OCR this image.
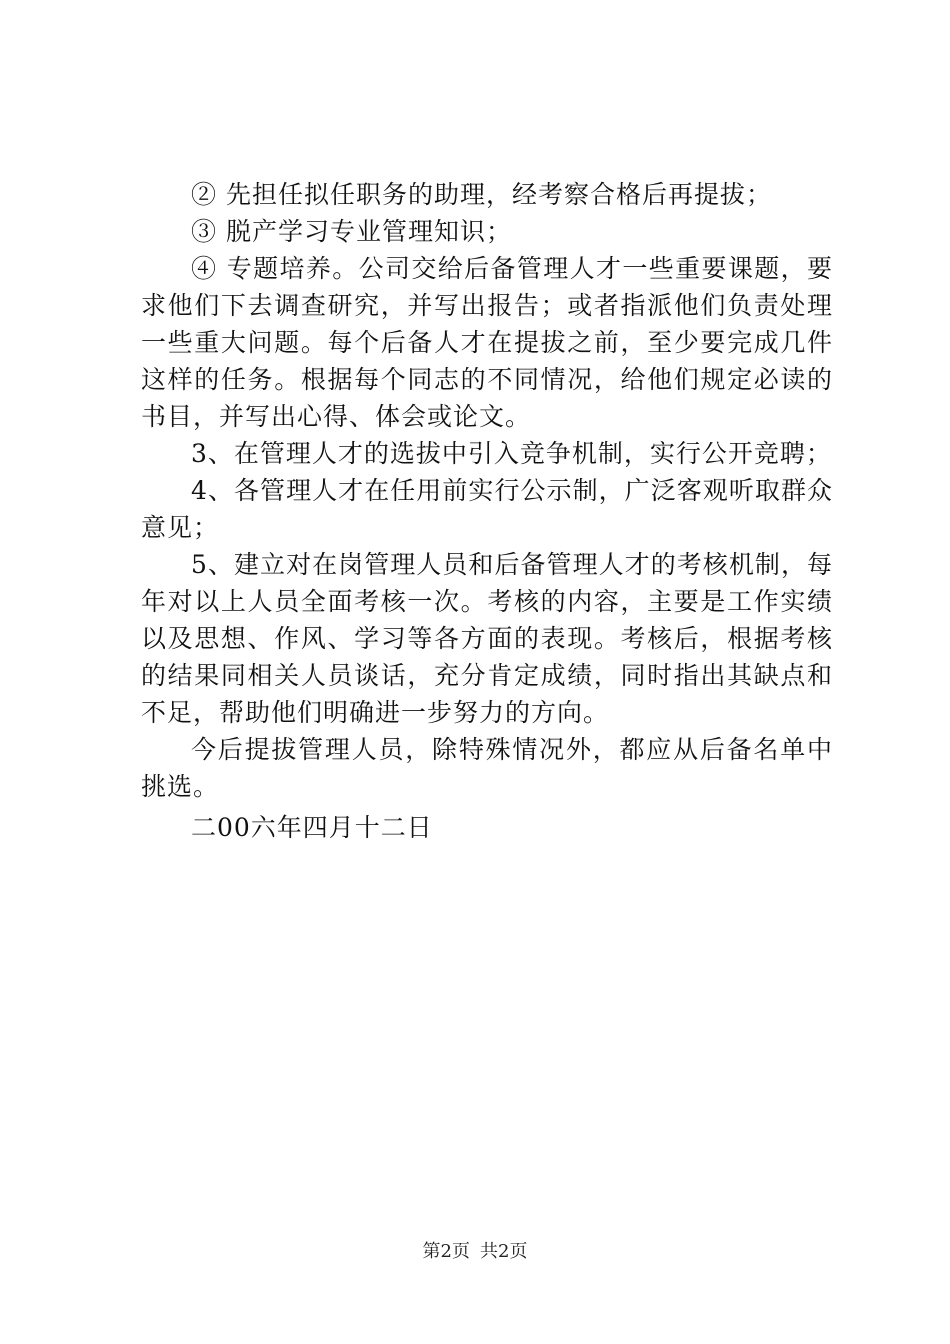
② 先担任拟任职务的助理，经考察合格后再提拔；

③ 脱产学习专业管理知识；

④ 专题培养。公司交给后备管理人才一些重要课题，要求他们下去调查研究，并写出报告；或者指派他们负责处理一些重大问题。每个后备人才在提拔之前，至少要完成几件这样的任务。根据每个同志的不同情况，给他们规定必读的书目，并写出心得、体会或论文。

3、在管理人才的选拔中引入竞争机制，实行公开竞聘；

4、各管理人才在任用前实行公示制，广泛客观听取群众意见；

5、建立对在岗管理人员和后备管理人才的考核机制，每年对以上人员全面考核一次。考核的内容，主要是工作实绩以及思想、作风、学习等各方面的表现。考核后，根据考核的结果同相关人员谈话，充分肯定成绩，同时指出其缺点和不足，帮助他们明确进一步努力的方向。

今后提拔管理人员，除特殊情况外，都应从后备名单中挑选。

二00六年四月十二日

第2页 共2页
